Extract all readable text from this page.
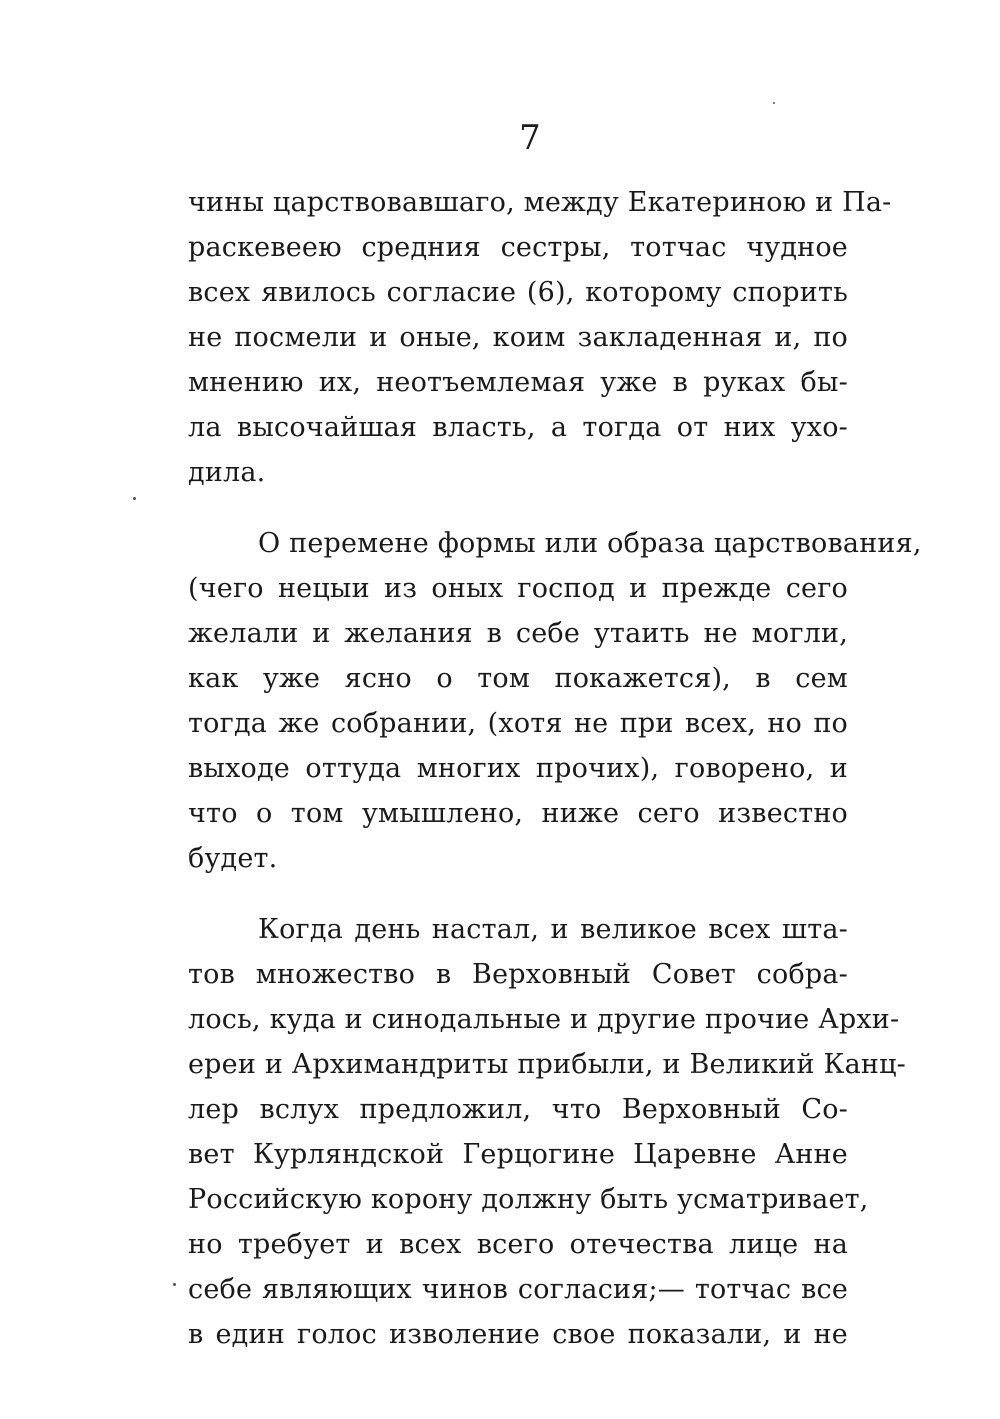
7
чины царствовавшаго, между Екатериною и Па-
раскевеею средния сестры, тотчас чудное
всех явилось согласие (6), которому спорить
не посмели и оные, коим закладенная и, по
мнению их, неотъемлемая уже в руках бы-
ла высочайшая власть, а тогда от них ухо-
дила.
О перемене формы или образа царствования,
(чего нецыи из оных господ и прежде сего
желали и желания в себе утаить не могли,
как уже ясно о том покажется), в сем
тогда же собрании, (хотя не при всех, но по
выходе оттуда многих прочих), говорено, и
что о том умышлено, ниже сего известно
будет.
Когда день настал, и великое всех шта-
тов множество в Верховный Совет собра-
лось, куда и синодальные и другие прочие Архи-
ереи и Архимандриты прибыли, и Великий Канц-
лер вслух предложил, что Верховный Со-
вет Курляндской Герцогине Царевне Анне
Российскую корону должну быть усматривает,
но требует и всех всего отечества лице на
себе являющих чинов согласия;— тотчас все
в един голос изволение свое показали, и не
